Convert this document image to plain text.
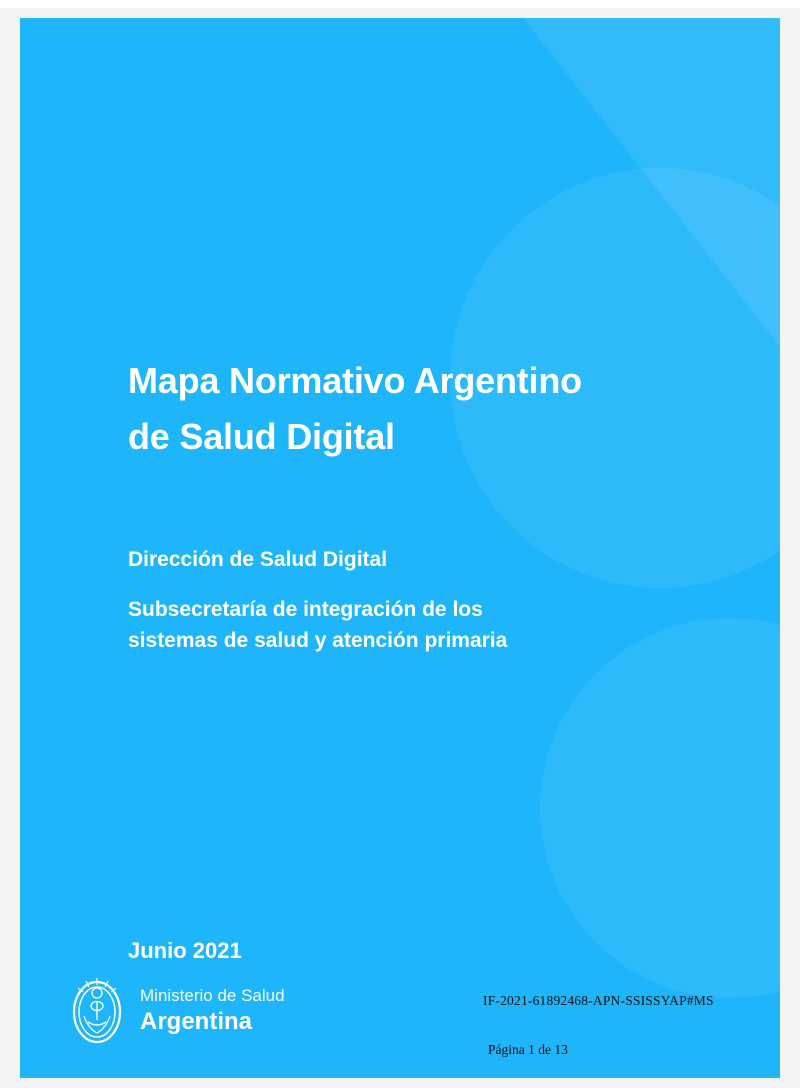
Mapa Normativo Argentino
de Salud Digital

Dirección de Salud Digital

Subsecretaría de integración de los

sistemas de salud y atención primaria

Junio 2021

Ministerio de Salud
Argentina
IF-2021-61892468-APN-SSISSYAP#MS
Página 1 de 13
